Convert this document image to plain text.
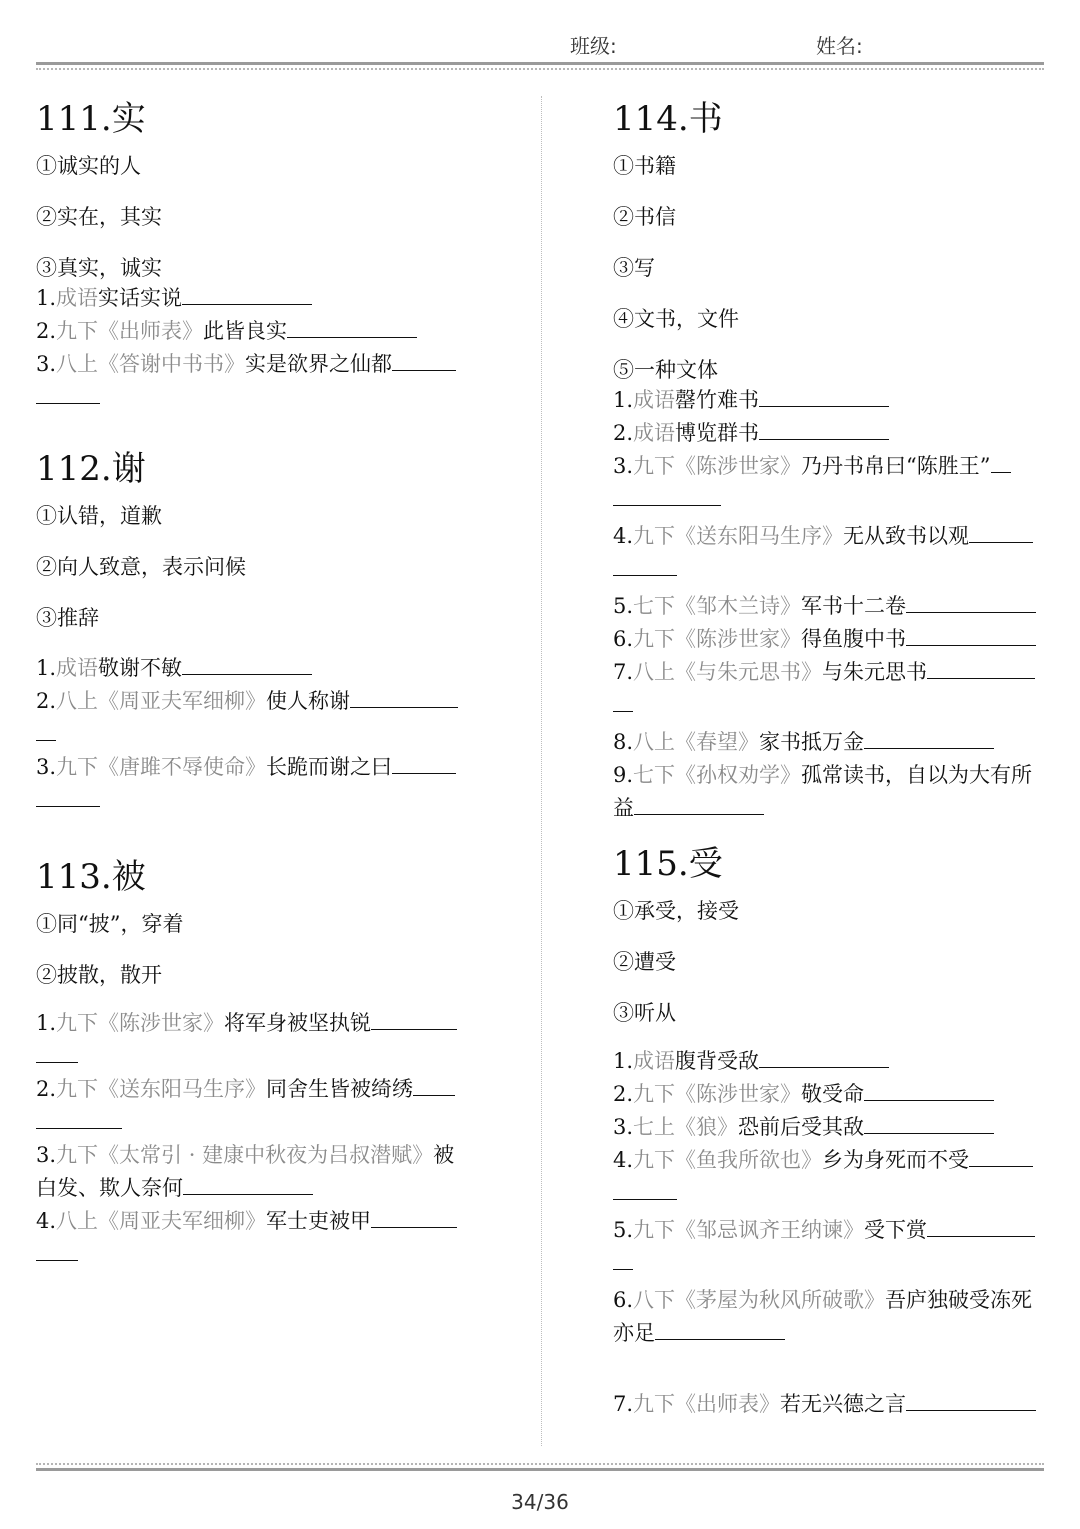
班级:	姓名:
111.实

①诚实的人

②实在，其实

③真实，诚实

1.成语实话实说

2.九下《出师表》此皆良实

3.八上《答谢中书书》实是欲界之仙都

112.谢

①认错，道歉

②向人致意，表示问候

③推辞

1.成语敬谢不敏

2.八上《周亚夫军细柳》使人称谢

3.九下《唐雎不辱使命》长跪而谢之曰

113.被

①同“披”，穿着

②披散，散开

1.九下《陈涉世家》将军身被坚执锐

2.九下《送东阳马生序》同舍生皆被绮绣

3.九下《太常引 · 建康中秋夜为吕叔潜赋》被白发、欺人奈何

4.八上《周亚夫军细柳》军士吏被甲

114.书

①书籍

②书信

③写

④文书，文件

⑤一种文体

1.成语罄竹难书

2.成语博览群书

3.九下《陈涉世家》乃丹书帛曰“陈胜王”

4.九下《送东阳马生序》无从致书以观

5.七下《邹木兰诗》军书十二卷

6.九下《陈涉世家》得鱼腹中书

7.八上《与朱元思书》与朱元思书

8.八上《春望》家书抵万金

9.七下《孙权劝学》孤常读书，自以为大有所益

115.受

①承受，接受

②遭受

③听从

1.成语腹背受敌

2.九下《陈涉世家》敬受命

3.七上《狼》恐前后受其敌

4.九下《鱼我所欲也》乡为身死而不受

5.九下《邹忌讽齐王纳谏》受下赏

6.八下《茅屋为秋风所破歌》吾庐独破受冻死亦足

7.九下《出师表》若无兴德之言

34/36
